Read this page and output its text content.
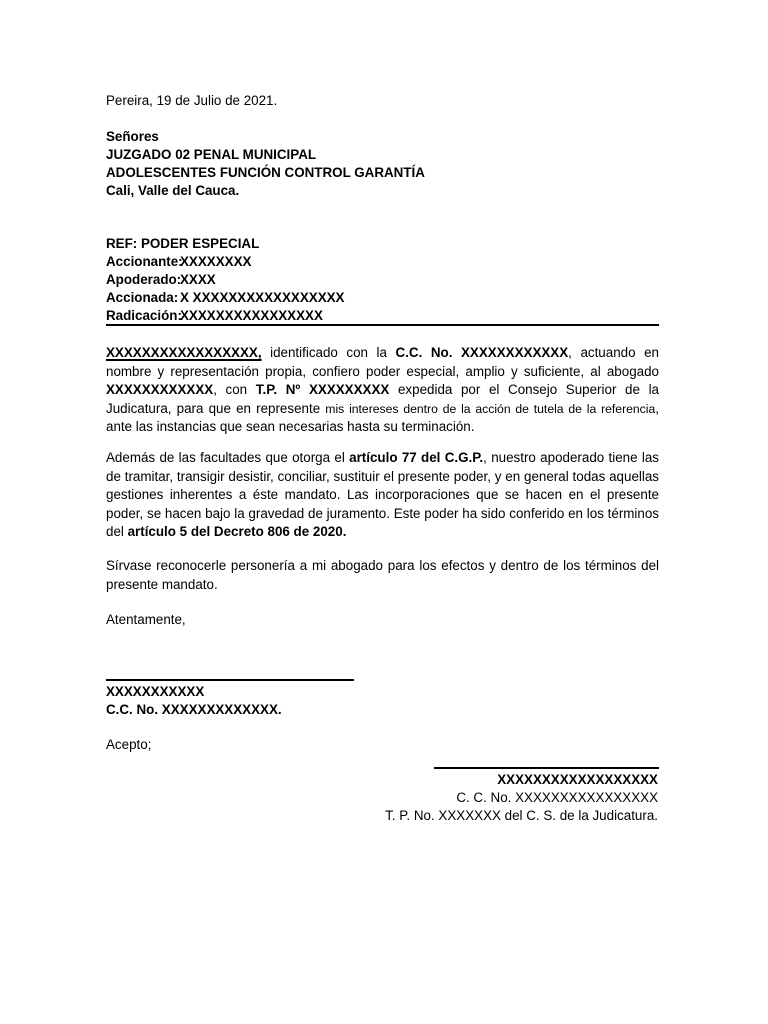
Pereira, 19 de Julio de 2021.
Señores
JUZGADO 02 PENAL MUNICIPAL
ADOLESCENTES FUNCIÓN CONTROL GARANTÍA
Cali, Valle del Cauca.
REF: PODER ESPECIAL
Accionante:XXXXXXXX
Apoderado:XXXX
Accionada: X XXXXXXXXXXXXXXXXX
Radicación:XXXXXXXXXXXXXXXX
XXXXXXXXXXXXXXXXX, identificado con la C.C. No. XXXXXXXXXXXX, actuando en nombre y representación propia, confiero poder especial, amplio y suficiente, al abogado XXXXXXXXXXXX, con T.P. Nº XXXXXXXXX expedida por el Consejo Superior de la Judicatura, para que en represente mis intereses dentro de la acción de tutela de la referencia, ante las instancias que sean necesarias hasta su terminación.
Además de las facultades que otorga el artículo 77 del C.G.P., nuestro apoderado tiene las de tramitar, transigir desistir, conciliar, sustituir el presente poder, y en general todas aquellas gestiones inherentes a éste mandato. Las incorporaciones que se hacen en el presente poder, se hacen bajo la gravedad de juramento. Este poder ha sido conferido en los términos del artículo 5 del Decreto 806 de 2020.
Sírvase reconocerle personería a mi abogado para los efectos y dentro de los términos del presente mandato.
Atentamente,
XXXXXXXXXXX
C.C. No. XXXXXXXXXXXXX.
Acepto;
XXXXXXXXXXXXXXXXXX
C. C. No. XXXXXXXXXXXXXXXX
T. P. No. XXXXXXX del C. S. de la Judicatura.
